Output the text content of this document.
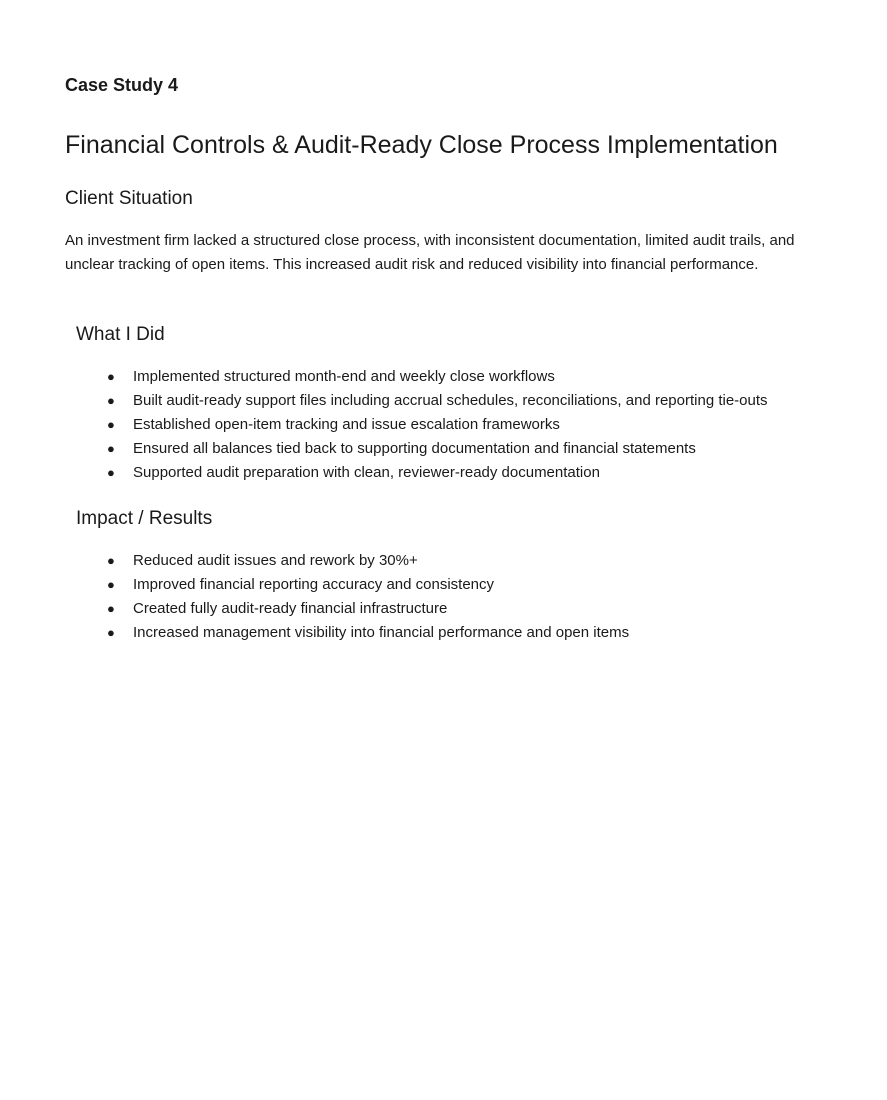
Case Study 4

Financial Controls & Audit-Ready Close Process Implementation
Client Situation

An investment firm lacked a structured close process, with inconsistent documentation, limited audit trails, and unclear tracking of open items. This increased audit risk and reduced visibility into financial performance.

What I Did
● Implemented structured month-end and weekly close workflows
● Built audit-ready support files including accrual schedules, reconciliations, and reporting tie-outs
● Established open-item tracking and issue escalation frameworks
● Ensured all balances tied back to supporting documentation and financial statements
● Supported audit preparation with clean, reviewer-ready documentation
Impact / Results
● Reduced audit issues and rework by 30%+
● Improved financial reporting accuracy and consistency
● Created fully audit-ready financial infrastructure
● Increased management visibility into financial performance and open items
